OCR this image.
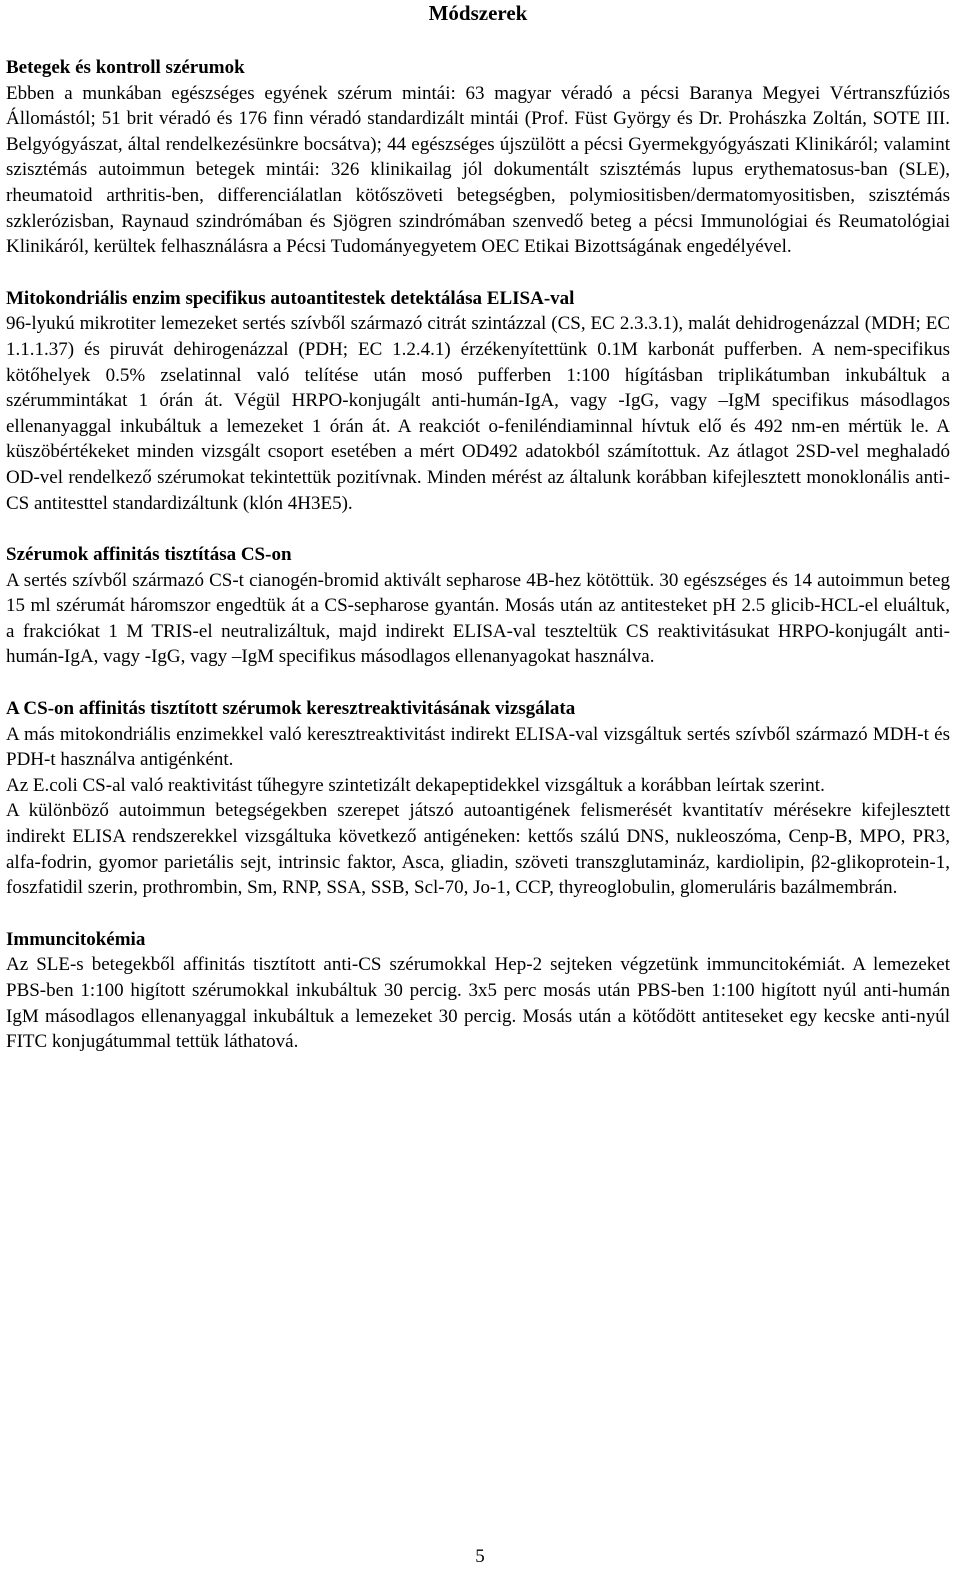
Módszerek
Betegek és kontroll szérumok

Ebben a munkában egészséges egyének szérum mintái: 63 magyar véradó a pécsi Baranya Megyei Vértranszfúziós Állomástól; 51 brit véradó és 176 finn véradó standardizált mintái (Prof. Füst György és Dr. Prohászka Zoltán, SOTE III. Belgyógyászat, által rendelkezésünkre bocsátva); 44 egészséges újszülött a pécsi Gyermekgyógyászati Klinikáról; valamint szisztémás autoimmun betegek mintái: 326 klinikailag jól dokumentált szisztémás lupus erythematosus-ban (SLE), rheumatoid arthritis-ben, differenciálatlan kötőszöveti betegségben, polymiositisben/dermatomyositisben, szisztémás szklerózisban, Raynaud szindrómában és Sjögren szindrómában szenvedő beteg a pécsi Immunológiai és Reumatológiai Klinikáról, kerültek felhasználásra a Pécsi Tudományegyetem OEC Etikai Bizottságának engedélyével.

Mitokondriális enzim specifikus autoantitestek detektálása ELISA-val

96-lyukú mikrotiter lemezeket sertés szívből származó citrát szintázzal (CS, EC 2.3.3.1), malát dehidrogenázzal (MDH; EC 1.1.1.37) és piruvát dehirogenázzal (PDH; EC 1.2.4.1) érzékenyítettünk 0.1M karbonát pufferben. A nem-specifikus kötőhelyek 0.5% zselatinnal való telítése után mosó pufferben 1:100 hígításban triplikátumban inkubáltuk a szérummintákat 1 órán át. Végül HRPO-konjugált anti-humán-IgA, vagy -IgG, vagy –IgM specifikus másodlagos ellenanyaggal inkubáltuk a lemezeket 1 órán át. A reakciót o-feniléndiaminnal hívtuk elő és 492 nm-en mértük le. A küszöbértékeket minden vizsgált csoport esetében a mért OD492 adatokból számítottuk. Az átlagot 2SD-vel meghaladó OD-vel rendelkező szérumokat tekintettük pozitívnak. Minden mérést az általunk korábban kifejlesztett monoklonális anti-CS antitesttel standardizáltunk (klón 4H3E5).

Szérumok affinitás tisztítása CS-on

A sertés szívből származó CS-t cianogén-bromid aktivált sepharose 4B-hez kötöttük. 30 egészséges és 14 autoimmun beteg 15 ml szérumát háromszor engedtük át a CS-sepharose gyantán. Mosás után az antitesteket pH 2.5 glicib-HCL-el eluáltuk, a frakciókat 1 M TRIS-el neutralizáltuk, majd indirekt ELISA-val teszteltük CS reaktivitásukat HRPO-konjugált anti-humán-IgA, vagy -IgG, vagy –IgM specifikus másodlagos ellenanyagokat használva.

A CS-on affinitás tisztított szérumok keresztreaktivitásának vizsgálata

A más mitokondriális enzimekkel való keresztreaktivitást indirekt ELISA-val vizsgáltuk sertés szívből származó MDH-t és PDH-t használva antigénként.

Az E.coli CS-al való reaktivitást tűhegyre szintetizált dekapeptidekkel vizsgáltuk a korábban leírtak szerint.

A különböző autoimmun betegségekben szerepet játszó autoantigének felismerését kvantitatív mérésekre kifejlesztett indirekt ELISA rendszerekkel vizsgáltuka következő antigéneken: kettős szálú DNS, nukleoszóma, Cenp-B, MPO, PR3, alfa-fodrin, gyomor parietális sejt, intrinsic faktor, Asca, gliadin, szöveti transzglutamináz, kardiolipin, β2-glikoprotein-1, foszfatidil szerin, prothrombin, Sm, RNP, SSA, SSB, Scl-70, Jo-1, CCP, thyreoglobulin, glomeruláris bazálmembrán.

Immuncitokémia

Az SLE-s betegekből affinitás tisztított anti-CS szérumokkal Hep-2 sejteken végzetünk immuncitokémiát. A lemezeket PBS-ben 1:100 higított szérumokkal inkubáltuk 30 percig. 3x5 perc mosás után PBS-ben 1:100 higított nyúl anti-humán IgM másodlagos ellenanyaggal inkubáltuk a lemezeket 30 percig. Mosás után a kötődött antiteseket egy kecske anti-nyúl FITC konjugátummal tettük láthatová.

5
